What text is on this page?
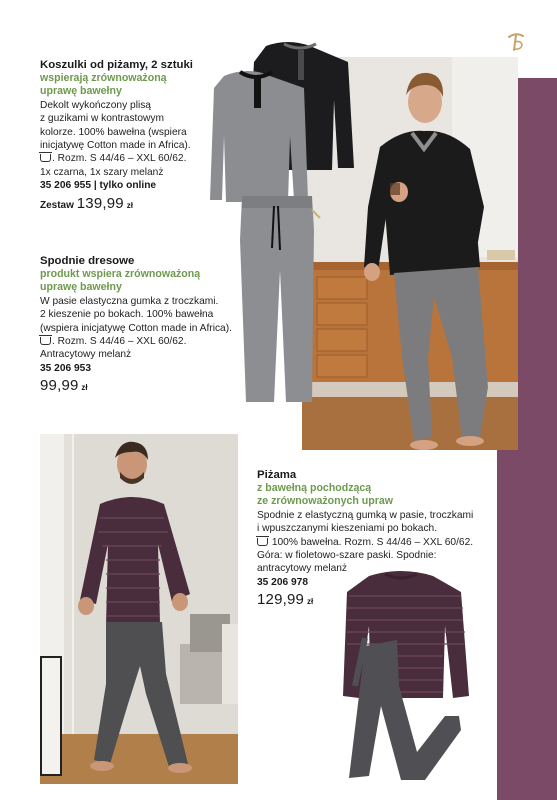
Koszulki od piżamy, 2 sztuki
wspierają zrównoważoną
uprawę bawełny
Dekolt wykończony plisą
z guzikami w kontrastowym
kolorze. 100% bawełna (wspiera
inicjatywę Cotton made in Africa).
. Rozm. S 44/46 – XXL 60/62.
1x czarna, 1x szary melanż
35 206 955 | tylko online
Zestaw 139,99 zł
Spodnie dresowe
produkt wspiera zrównoważoną
uprawę bawełny
W pasie elastyczna gumka z troczkami.
2 kieszenie po bokach. 100% bawełna
(wspiera inicjatywę Cotton made in Africa).
. Rozm. S 44/46 – XXL 60/62.
Antracytowy melanż
35 206 953
99,99 zł
Piżama
z bawełną pochodzącą
ze zrównoważonych upraw
Spodnie z elastyczną gumką w pasie, troczkami
i wpuszczanymi kieszeniami po bokach.
100% bawełna. Rozm. S 44/46 – XXL 60/62.
Góra: w fioletowo-szare paski. Spodnie:
antracytowy melanż
35 206 978
129,99 zł
